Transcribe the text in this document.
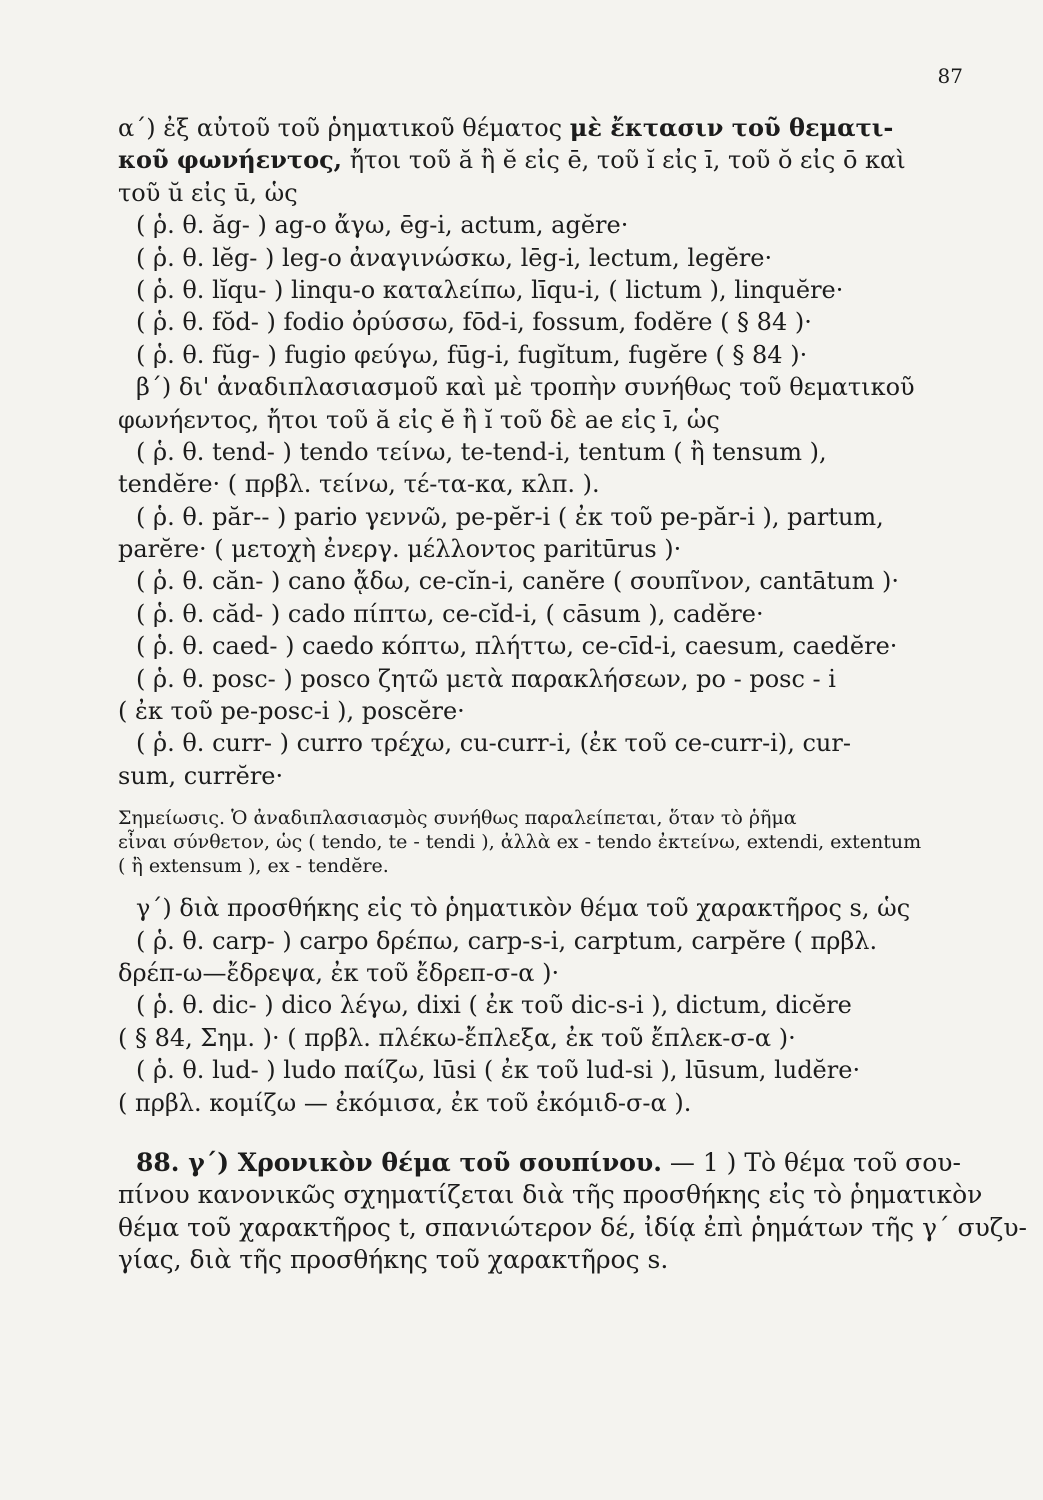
87
α΄) ἐξ αὐτοῦ τοῦ ῥηματικοῦ θέματος μὲ ἔκτασιν τοῦ θεματι-
κοῦ φωνήεντος, ἤτοι τοῦ ă ἢ ĕ εἰς ē, τοῦ ĭ εἰς ī, τοῦ ŏ εἰς ō καὶ
τοῦ ŭ εἰς ū, ὡς
( ῥ. θ. ăg- ) ag-o ἄγω, ēg-i, actum, agĕre·
( ῥ. θ. lĕg- ) leg-o ἀναγινώσκω, lēg-i, lectum, legĕre·
( ῥ. θ. lĭqu- ) linqu-o καταλείπω, līqu-i, ( lictum ), linquĕre·
( ῥ. θ. fŏd- ) fodio ὀρύσσω, fōd-i, fossum, fodĕre ( § 84 )·
( ῥ. θ. fŭg- ) fugio φεύγω, fūg-i, fugĭtum, fugĕre ( § 84 )·
β΄) δι' ἀναδιπλασιασμοῦ καὶ μὲ τροπὴν συνήθως τοῦ θεματικοῦ
φωνήεντος, ἤτοι τοῦ ă εἰς ĕ ἢ ĭ τοῦ δὲ ae εἰς ī, ὡς
( ῥ. θ. tend- ) tendo τείνω, te-tend-i, tentum ( ἢ tensum ),
tendĕre· ( πρβλ. τείνω, τέ-τα-κα, κλπ. ).
( ῥ. θ. păr-- ) pario γεννῶ, pe-pĕr-i ( ἐκ τοῦ pe-păr-i ), partum,
parĕre· ( μετοχὴ ἐνεργ. μέλλοντος paritūrus )·
( ῥ. θ. căn- ) cano ᾄδω, ce-cĭn-i, canĕre ( σουπῖνον, cantātum )·
( ῥ. θ. căd- ) cado πίπτω, ce-cĭd-i, ( cāsum ), cadĕre·
( ῥ. θ. caed- ) caedo κόπτω, πλήττω, ce-cīd-i, caesum, caedĕre·
( ῥ. θ. posc- ) posco ζητῶ μετὰ παρακλήσεων, po - posc - i
( ἐκ τοῦ pe-posc-i ), poscĕre·
( ῥ. θ. curr- ) curro τρέχω, cu-curr-i, (ἐκ τοῦ ce-curr-i), cur-
sum, currĕre·
Σημείωσις. Ὁ ἀναδιπλασιασμὸς συνήθως παραλείπεται, ὅταν τὸ ῥῆμα
εἶναι σύνθετον, ὡς ( tendo, te - tendi ), ἀλλὰ ex - tendo ἐκτείνω, extendi, extentum
( ἢ extensum ), ex - tendĕre.
γ΄) διὰ προσθήκης εἰς τὸ ῥηματικὸν θέμα τοῦ χαρακτῆρος s, ὡς
( ῥ. θ. carp- ) carpo δρέπω, carp-s-i, carptum, carpĕre ( πρβλ.
δρέπ-ω—ἔδρεψα, ἐκ τοῦ ἔδρεπ-σ-α )·
( ῥ. θ. dic- ) dico λέγω, dixi ( ἐκ τοῦ dic-s-i ), dictum, dicĕre
( § 84, Σημ. )· ( πρβλ. πλέκω-ἔπλεξα, ἐκ τοῦ ἔπλεκ-σ-α )·
( ῥ. θ. lud- ) ludo παίζω, lūsi ( ἐκ τοῦ lud-si ), lūsum, ludĕre·
( πρβλ. κομίζω — ἐκόμισα, ἐκ τοῦ ἐκόμιδ-σ-α ).
88. γ΄) Χρονικὸν θέμα τοῦ σουπίνου. — 1 ) Τὸ θέμα τοῦ σου-
πίνου κανονικῶς σχηματίζεται διὰ τῆς προσθήκης εἰς τὸ ῥηματικὸν
θέμα τοῦ χαρακτῆρος t, σπανιώτερον δέ, ἰδίᾳ ἐπὶ ῥημάτων τῆς γ΄ συζυ-
γίας, διὰ τῆς προσθήκης τοῦ χαρακτῆρος s.
